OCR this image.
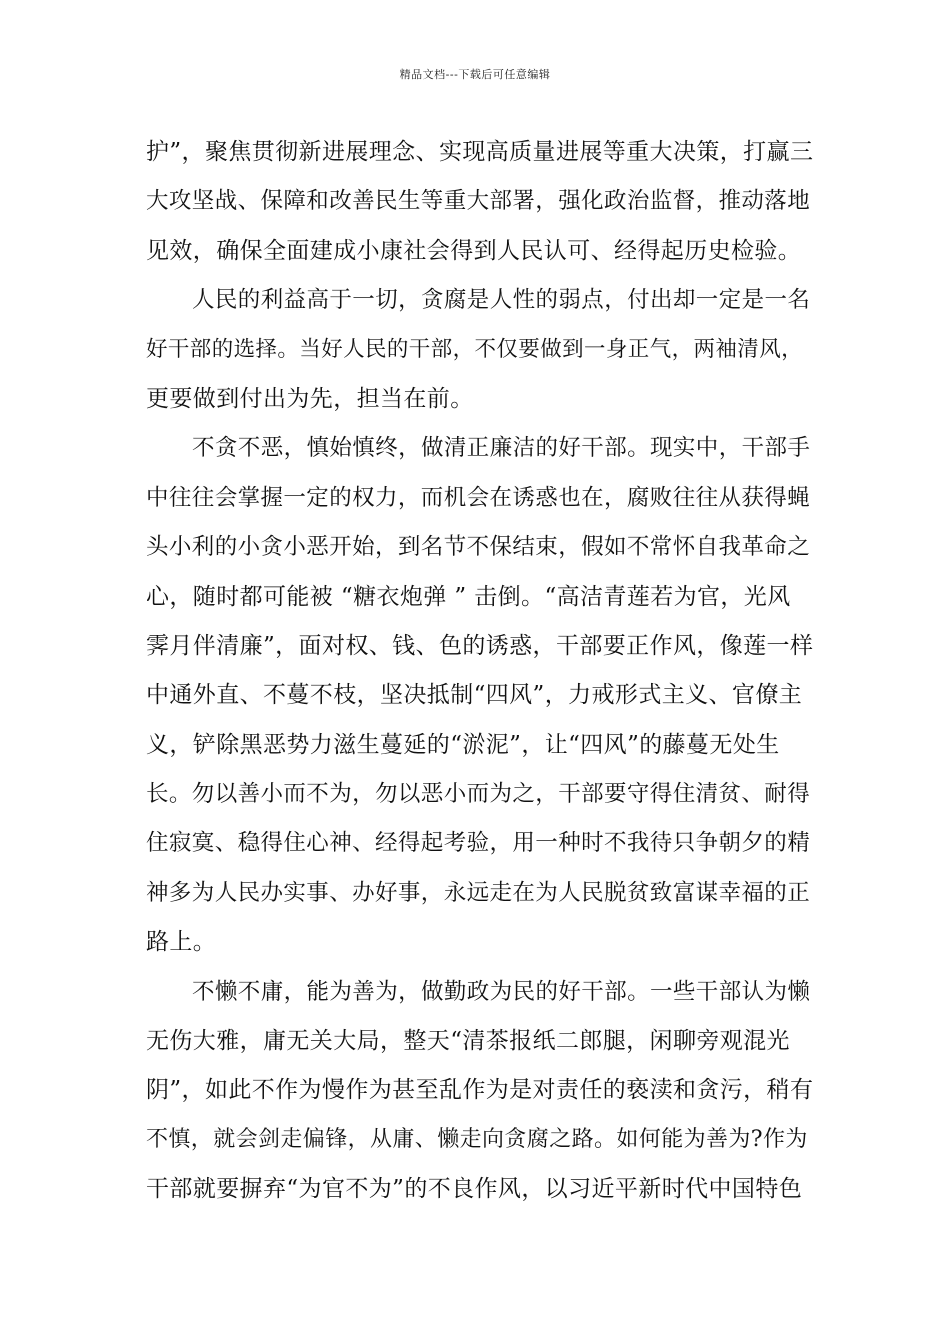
精品文档---下载后可任意编辑
护”，聚焦贯彻新进展理念、实现高质量进展等重大决策，打赢三
大攻坚战、保障和改善民生等重大部署，强化政治监督，推动落地
见效，确保全面建成小康社会得到人民认可、经得起历史检验。
人民的利益高于一切，贪腐是人性的弱点，付出却一定是一名
好干部的选择。当好人民的干部，不仅要做到一身正气，两袖清风，
更要做到付出为先，担当在前。
不贪不恶，慎始慎终，做清正廉洁的好干部。现实中，干部手
中往往会掌握一定的权力，而机会在诱惑也在，腐败往往从获得蝇
头小利的小贪小恶开始，到名节不保结束，假如不常怀自我革命之
心，随时都可能被 “糖衣炮弹 ” 击倒。“高洁青莲若为官，光风
霁月伴清廉”，面对权、钱、色的诱惑，干部要正作风，像莲一样
中通外直、不蔓不枝，坚决抵制“四风”，力戒形式主义、官僚主
义，铲除黑恶势力滋生蔓延的“淤泥”，让“四风”的藤蔓无处生
长。勿以善小而不为，勿以恶小而为之，干部要守得住清贫、耐得
住寂寞、稳得住心神、经得起考验，用一种时不我待只争朝夕的精
神多为人民办实事、办好事，永远走在为人民脱贫致富谋幸福的正
路上。
不懒不庸，能为善为，做勤政为民的好干部。一些干部认为懒
无伤大雅，庸无关大局，整天“清茶报纸二郎腿，闲聊旁观混光
阴”，如此不作为慢作为甚至乱作为是对责任的亵渎和贪污，稍有
不慎，就会剑走偏锋，从庸、懒走向贪腐之路。如何能为善为?作为
干部就要摒弃“为官不为”的不良作风，以习近平新时代中国特色
